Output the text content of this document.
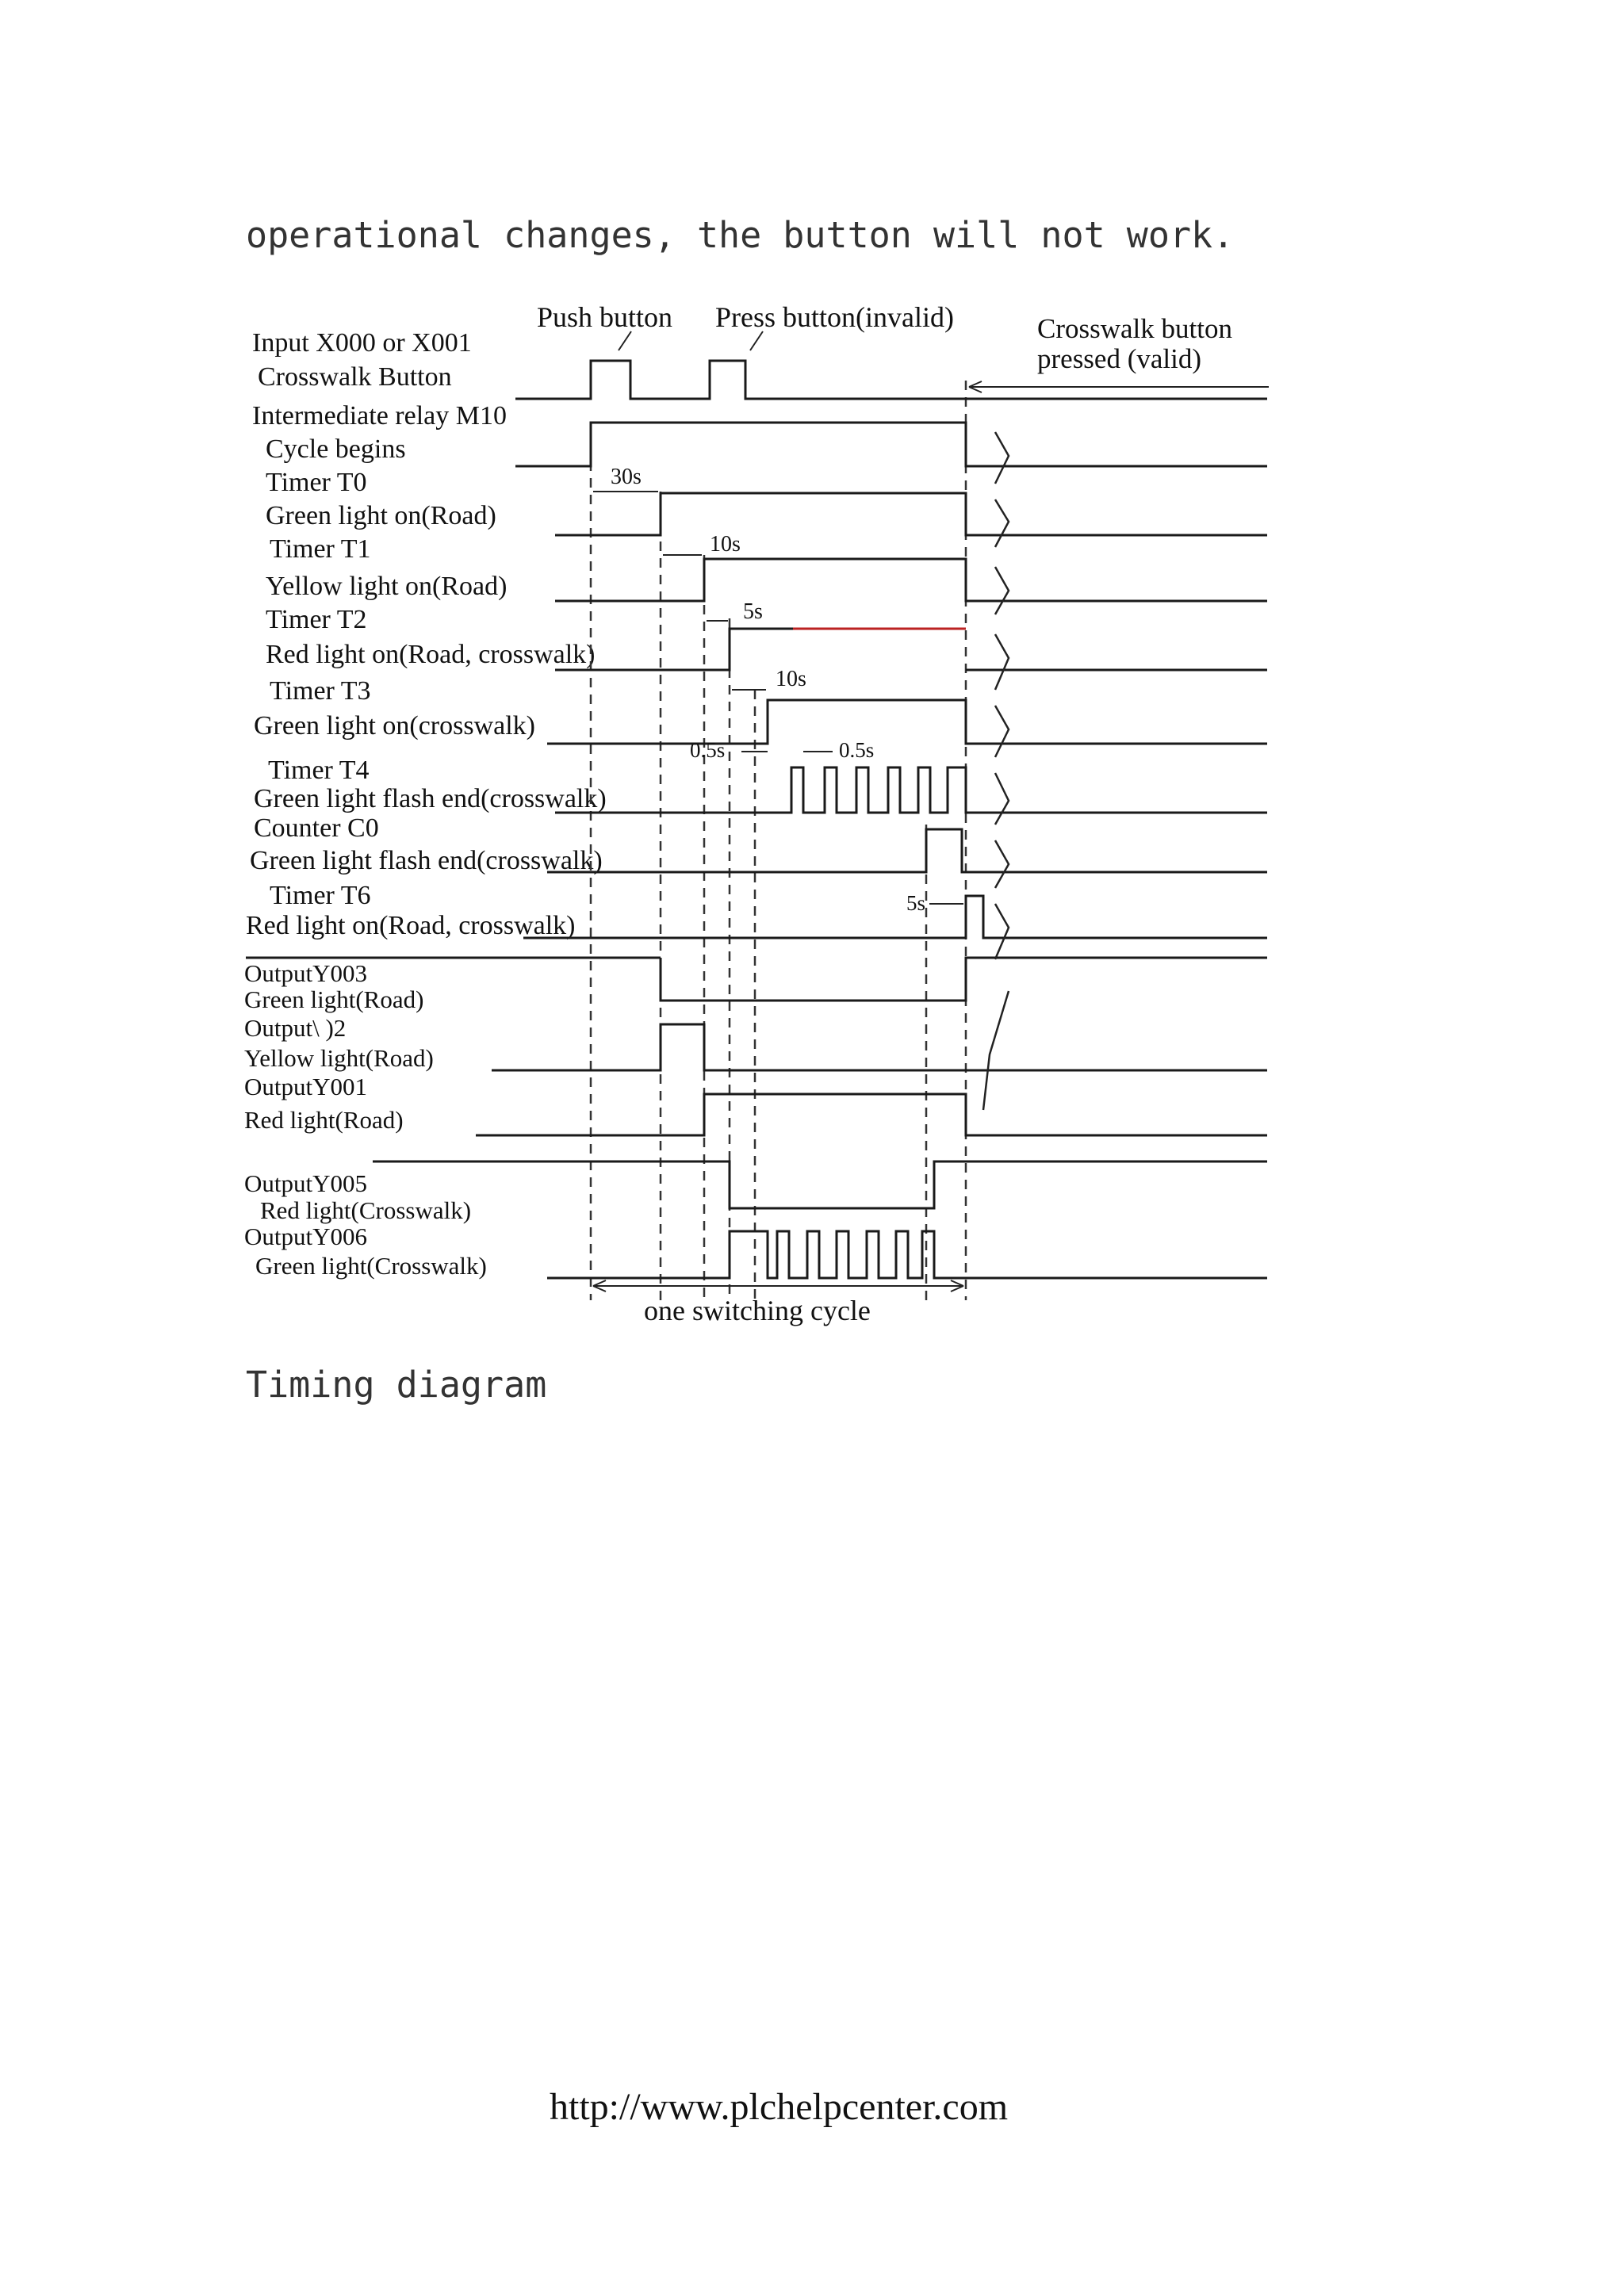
operational changes, the button will not work.
Push button Press button(invalid)	Crosswalk button
pressed (valid)
Input X000 or X001
Crosswalk Button
Intermediate relay M10
Cycle begins
Timer T0
Green light on(Road)
Timer T1
Yellow light on(Road)
Timer T2
Red light on(Road, crosswalk)
Timer T3
Green light on(crosswalk)
Timer T4
Green light flash end(crosswalk)
Counter C0
Green light flash end(crosswalk)
Timer T6
Red light on(Road, crosswalk)
OutputY003
Green light(Road)
Output\ )2
Yellow light(Road)
OutputY001
Red light(Road)
OutputY005
Red light(Crosswalk)
OutputY006
Green light(Crosswalk)
30s
10s
5s
10s
0.5s	0.5s
5s
one switching cycle
Timing diagram
http://www.plchelpcenter.com
